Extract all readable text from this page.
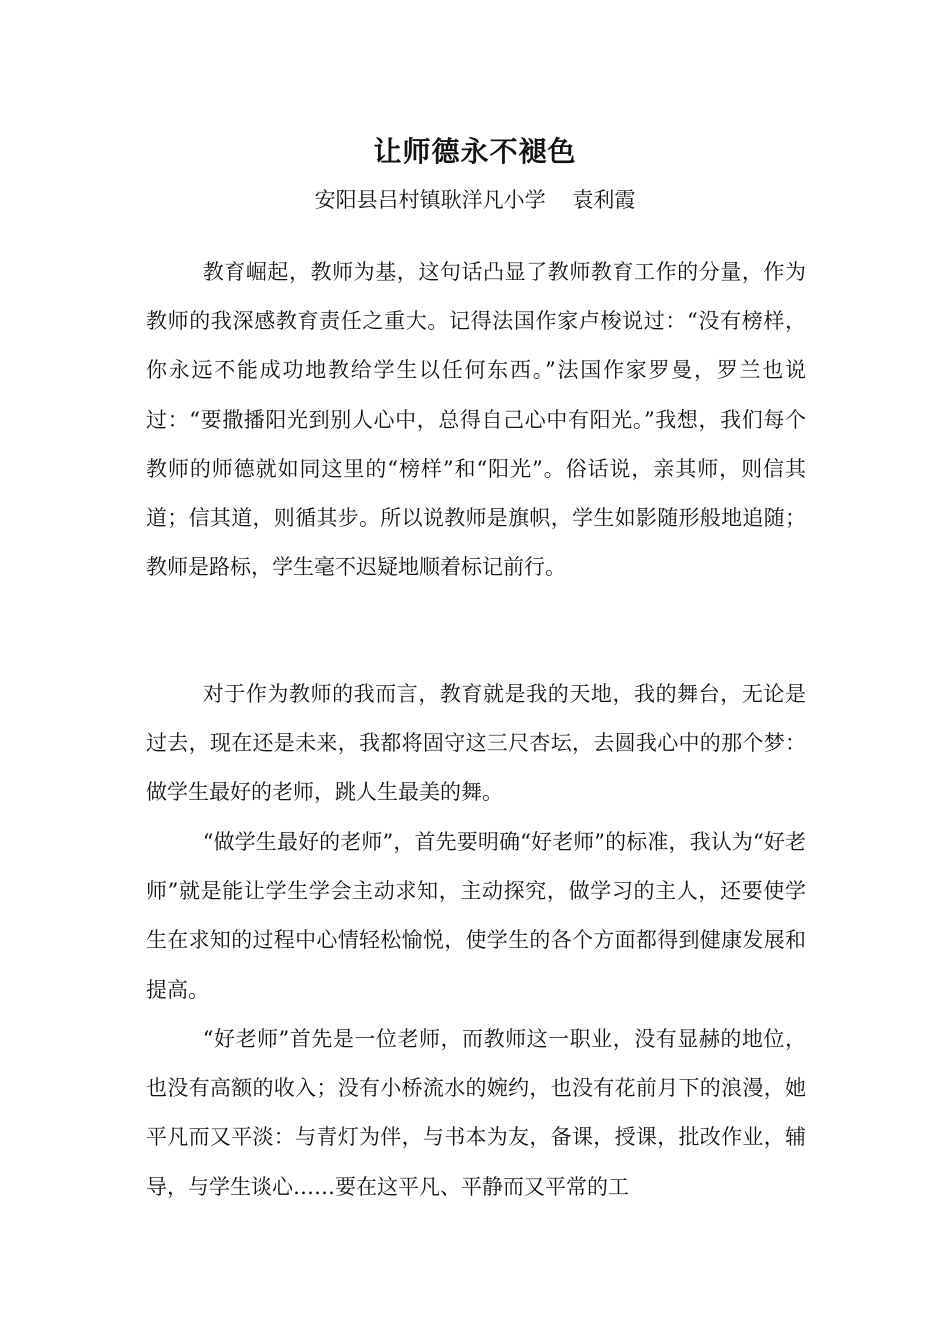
让师德永不褪色
安阳县吕村镇耿洋凡小学    袁利霞

教育崛起，教师为基，这句话凸显了教师教育工作的分量，作为教师的我深感教育责任之重大。记得法国作家卢梭说过：“没有榜样，你永远不能成功地教给学生以任何东西。”法国作家罗曼，罗兰也说过：“要撒播阳光到别人心中，总得自己心中有阳光。”我想，我们每个教师的师德就如同这里的“榜样”和“阳光”。俗话说，亲其师，则信其道；信其道，则循其步。所以说教师是旗帜，学生如影随形般地追随；教师是路标，学生毫不迟疑地顺着标记前行。

对于作为教师的我而言，教育就是我的天地，我的舞台，无论是过去，现在还是未来，我都将固守这三尺杏坛，去圆我心中的那个梦：做学生最好的老师，跳人生最美的舞。

“做学生最好的老师”，首先要明确“好老师”的标准，我认为“好老师”就是能让学生学会主动求知，主动探究，做学习的主人，还要使学生在求知的过程中心情轻松愉悦，使学生的各个方面都得到健康发展和提高。

“好老师”首先是一位老师，而教师这一职业，没有显赫的地位，也没有高额的收入；没有小桥流水的婉约，也没有花前月下的浪漫，她平凡而又平淡：与青灯为伴，与书本为友，备课，授课，批改作业，辅导，与学生谈心……要在这平凡、平静而又平常的工
